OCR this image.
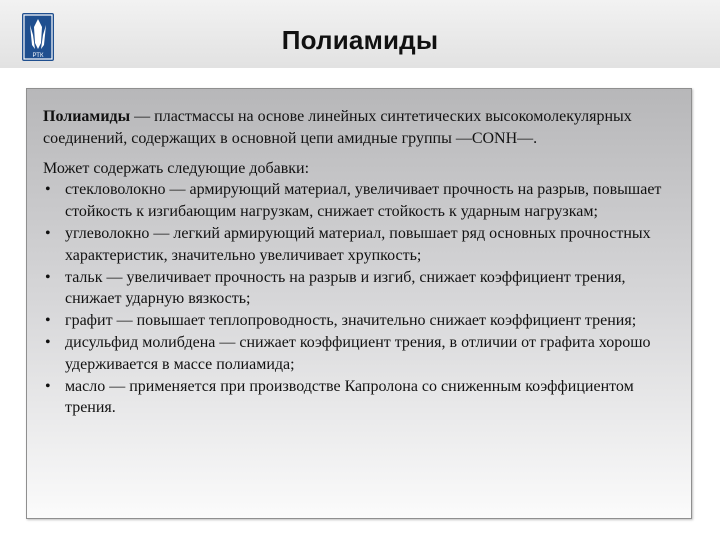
РТК
Полиамиды

Полиамиды — пластмассы на основе линейных синтетических высокомолекулярных соединений, содержащих в основной цепи амидные группы —CONH—.

Может содержать следующие добавки:

• стекловолокно — армирующий материал, увеличивает прочность на разрыв, повышает стойкость к изгибающим нагрузкам, снижает стойкость к ударным нагрузкам;
• углеволокно — легкий армирующий материал, повышает ряд основных прочностных характеристик, значительно увеличивает хрупкость;
• тальк — увеличивает прочность на разрыв и изгиб, снижает коэффициент трения, снижает ударную вязкость;
• графит — повышает теплопроводность, значительно снижает коэффициент трения;
• дисульфид молибдена — снижает коэффициент трения, в отличии от графита хорошо удерживается в массе полиамида;
• масло — применяется при производстве Капролона со сниженным коэффициентом трения.
